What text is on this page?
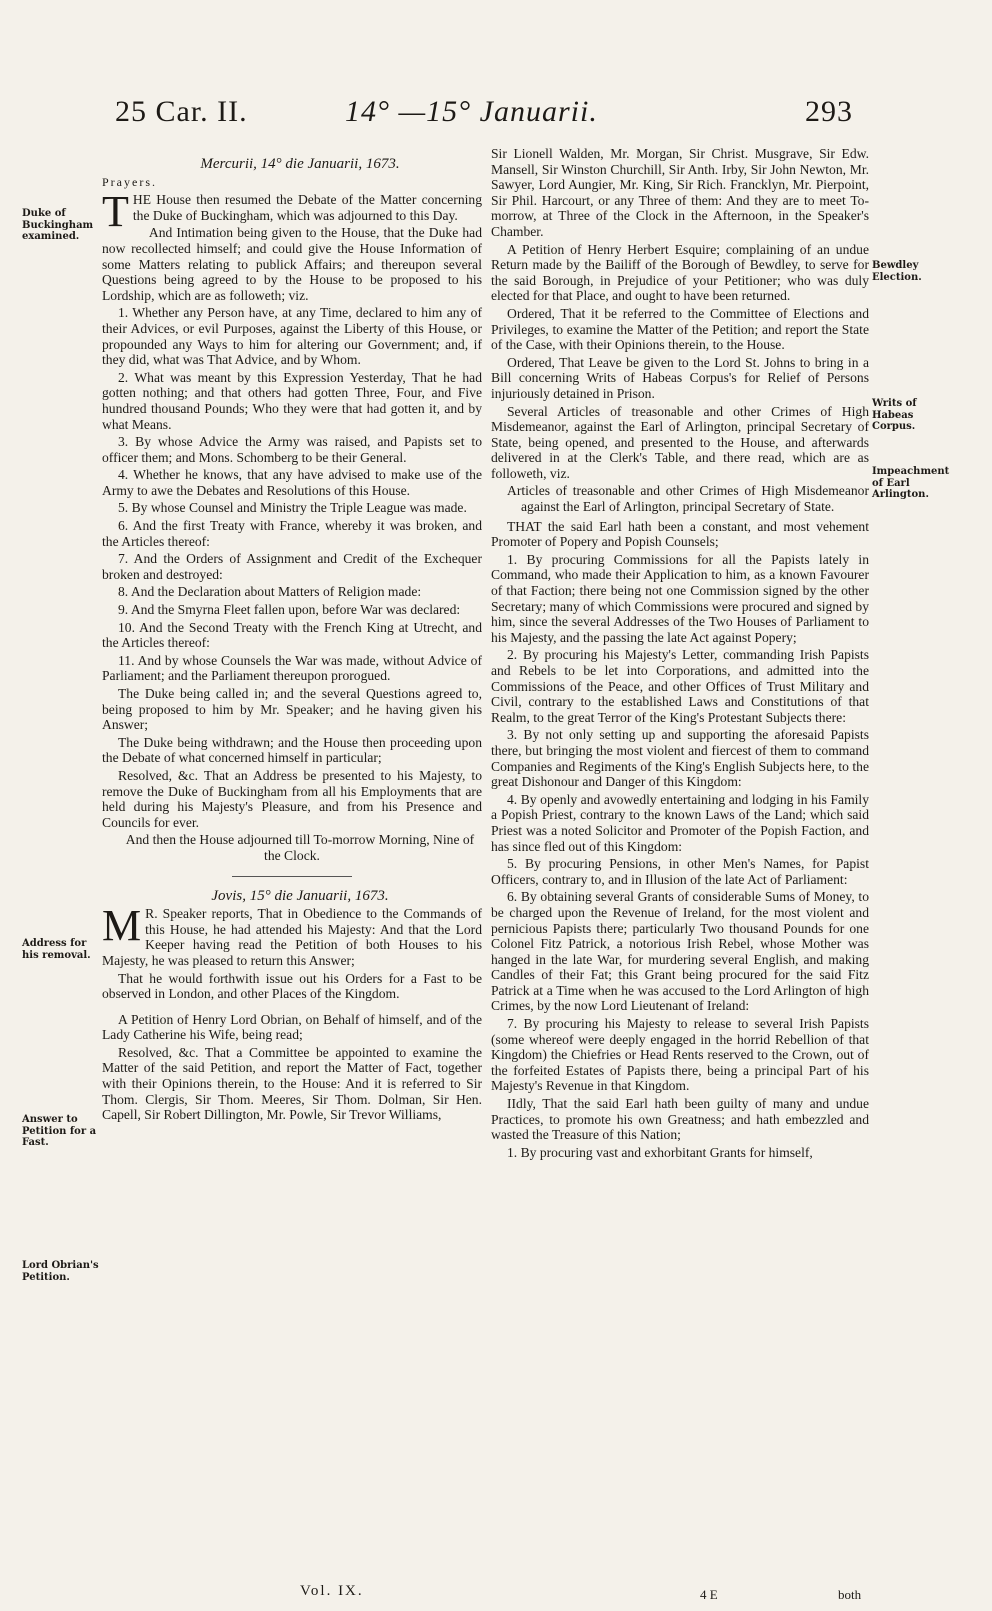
25 Car. II.	14° —15° Januarii.	293
Duke of Buckingham examined.
Address for his removal.
Answer to Petition for a Fast.
Lord Obrian's Petition.
Bewdley Election.
Writs of Habeas Corpus.
Impeachment of Earl Arlington.

Mercurii, 14° die Januarii, 1673.

Prayers.

THE House then resumed the Debate of the Matter concerning the Duke of Buckingham, which was adjourned to this Day.

And Intimation being given to the House, that the Duke had now recollected himself; and could give the House Information of some Matters relating to publick Affairs; and thereupon several Questions being agreed to by the House to be proposed to his Lordship, which are as followeth; viz.

1. Whether any Person have, at any Time, declared to him any of their Advices, or evil Purposes, against the Liberty of this House, or propounded any Ways to him for altering our Government; and, if they did, what was That Advice, and by Whom.

2. What was meant by this Expression Yesterday, That he had gotten nothing; and that others had gotten Three, Four, and Five hundred thousand Pounds; Who they were that had gotten it, and by what Means.

3. By whose Advice the Army was raised, and Papists set to officer them; and Mons. Schomberg to be their General.

4. Whether he knows, that any have advised to make use of the Army to awe the Debates and Resolutions of this House.

5. By whose Counsel and Ministry the Triple League was made.

6. And the first Treaty with France, whereby it was broken, and the Articles thereof:

7. And the Orders of Assignment and Credit of the Exchequer broken and destroyed:

8. And the Declaration about Matters of Religion made:

9. And the Smyrna Fleet fallen upon, before War was declared:

10. And the Second Treaty with the French King at Utrecht, and the Articles thereof:

11. And by whose Counsels the War was made, without Advice of Parliament; and the Parliament thereupon prorogued.

The Duke being called in; and the several Questions agreed to, being proposed to him by Mr. Speaker; and he having given his Answer;

The Duke being withdrawn; and the House then proceeding upon the Debate of what concerned himself in particular;

Resolved, &c. That an Address be presented to his Majesty, to remove the Duke of Buckingham from all his Employments that are held during his Majesty's Pleasure, and from his Presence and Councils for ever.

And then the House adjourned till To-morrow Morning, Nine of the Clock.

Jovis, 15° die Januarii, 1673.

M R. Speaker reports, That in Obedience to the Commands of this House, he had attended his Majesty: And that the Lord Keeper having read the Petition of both Houses to his Majesty, he was pleased to return this Answer;

That he would forthwith issue out his Orders for a Fast to be observed in London, and other Places of the Kingdom.

A Petition of Henry Lord Obrian, on Behalf of himself, and of the Lady Catherine his Wife, being read;

Resolved, &c. That a Committee be appointed to examine the Matter of the said Petition, and report the Matter of Fact, together with their Opinions therein, to the House: And it is referred to Sir Thom. Clergis, Sir Thom. Meeres, Sir Thom. Dolman, Sir Hen. Capell, Sir Robert Dillington, Mr. Powle, Sir Trevor Williams,

Sir Lionell Walden, Mr. Morgan, Sir Christ. Musgrave, Sir Edw. Mansell, Sir Winston Churchill, Sir Anth. Irby, Sir John Newton, Mr. Sawyer, Lord Aungier, Mr. King, Sir Rich. Francklyn, Mr. Pierpoint, Sir Phil. Harcourt, or any Three of them: And they are to meet To-morrow, at Three of the Clock in the Afternoon, in the Speaker's Chamber.

A Petition of Henry Herbert Esquire; complaining of an undue Return made by the Bailiff of the Borough of Bewdley, to serve for the said Borough, in Prejudice of your Petitioner; who was duly elected for that Place, and ought to have been returned.

Ordered, That it be referred to the Committee of Elections and Privileges, to examine the Matter of the Petition; and report the State of the Case, with their Opinions therein, to the House.

Ordered, That Leave be given to the Lord St. Johns to bring in a Bill concerning Writs of Habeas Corpus's for Relief of Persons injuriously detained in Prison.

Several Articles of treasonable and other Crimes of High Misdemeanor, against the Earl of Arlington, principal Secretary of State, being opened, and presented to the House, and afterwards delivered in at the Clerk's Table, and there read, which are as followeth, viz.

Articles of treasonable and other Crimes of High Misdemeanor against the Earl of Arlington, principal Secretary of State.

THAT the said Earl hath been a constant, and most vehement Promoter of Popery and Popish Counsels;

1. By procuring Commissions for all the Papists lately in Command, who made their Application to him, as a known Favourer of that Faction; there being not one Commission signed by the other Secretary; many of which Commissions were procured and signed by him, since the several Addresses of the Two Houses of Parliament to his Majesty, and the passing the late Act against Popery;

2. By procuring his Majesty's Letter, commanding Irish Papists and Rebels to be let into Corporations, and admitted into the Commissions of the Peace, and other Offices of Trust Military and Civil, contrary to the established Laws and Constitutions of that Realm, to the great Terror of the King's Protestant Subjects there:

3. By not only setting up and supporting the aforesaid Papists there, but bringing the most violent and fiercest of them to command Companies and Regiments of the King's English Subjects here, to the great Dishonour and Danger of this Kingdom:

4. By openly and avowedly entertaining and lodging in his Family a Popish Priest, contrary to the known Laws of the Land; which said Priest was a noted Solicitor and Promoter of the Popish Faction, and has since fled out of this Kingdom:

5. By procuring Pensions, in other Men's Names, for Papist Officers, contrary to, and in Illusion of the late Act of Parliament:

6. By obtaining several Grants of considerable Sums of Money, to be charged upon the Revenue of Ireland, for the most violent and pernicious Papists there; particularly Two thousand Pounds for one Colonel Fitz Patrick, a notorious Irish Rebel, whose Mother was hanged in the late War, for murdering several English, and making Candles of their Fat; this Grant being procured for the said Fitz Patrick at a Time when he was accused to the Lord Arlington of high Crimes, by the now Lord Lieutenant of Ireland:

7. By procuring his Majesty to release to several Irish Papists (some whereof were deeply engaged in the horrid Rebellion of that Kingdom) the Chiefries or Head Rents reserved to the Crown, out of the forfeited Estates of Papists there, being a principal Part of his Majesty's Revenue in that Kingdom.

IIdly, That the said Earl hath been guilty of many and undue Practices, to promote his own Greatness; and hath embezzled and wasted the Treasure of this Nation;

1. By procuring vast and exhorbitant Grants for himself,

Vol. IX.	4 E	both
